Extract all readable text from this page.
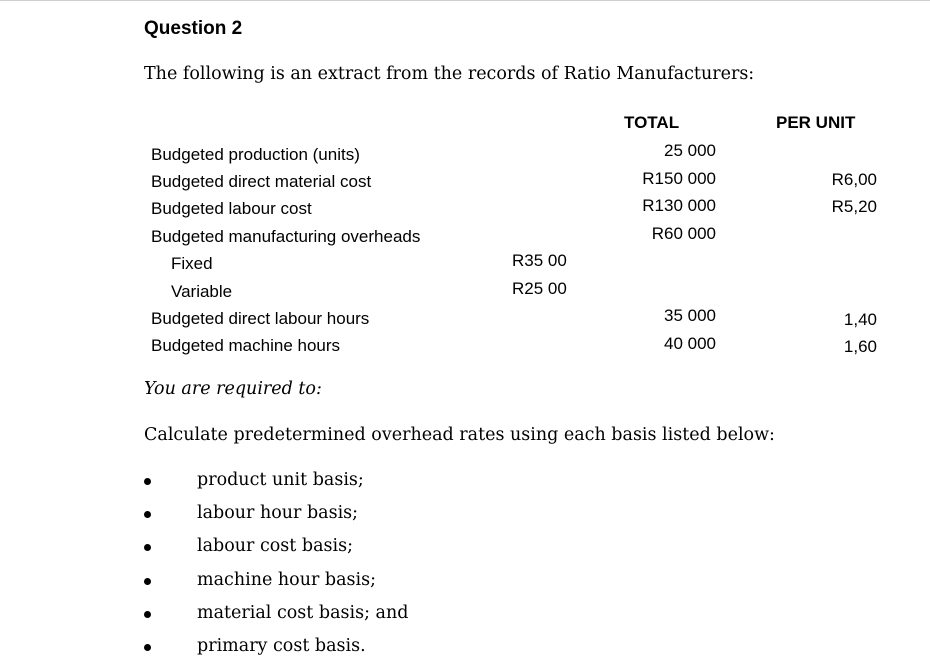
Question 2
The following is an extract from the records of Ratio Manufacturers:
TOTAL	PER UNIT
Budgeted production (units)
Budgeted direct material cost
Budgeted labour cost
Budgeted manufacturing overheads
Fixed
Variable
Budgeted direct labour hours
Budgeted machine hours
R35 00
R25 00
25 000
R150 000
R130 000
R60 000
35 000
40 000
R6,00
R5,20
1,40
1,60
You are required to:
Calculate predetermined overhead rates using each basis listed below:
product unit basis;
labour hour basis;
labour cost basis;
machine hour basis;
material cost basis; and
primary cost basis.
